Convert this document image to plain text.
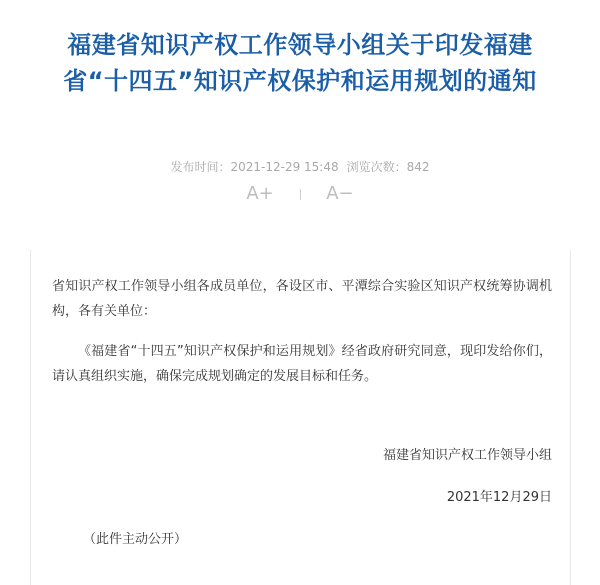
福建省知识产权工作领导小组关于印发福建省“十四五”知识产权保护和运用规划的通知
发布时间：2021-12-29 15:48 浏览次数：842
A+	A−
省知识产权工作领导小组各成员单位，各设区市、平潭综合实验区知识产权统筹协调机构，各有关单位：
《福建省“十四五”知识产权保护和运用规划》经省政府研究同意，现印发给你们，请认真组织实施，确保完成规划确定的发展目标和任务。
福建省知识产权工作领导小组
2021年12月29日
（此件主动公开）
